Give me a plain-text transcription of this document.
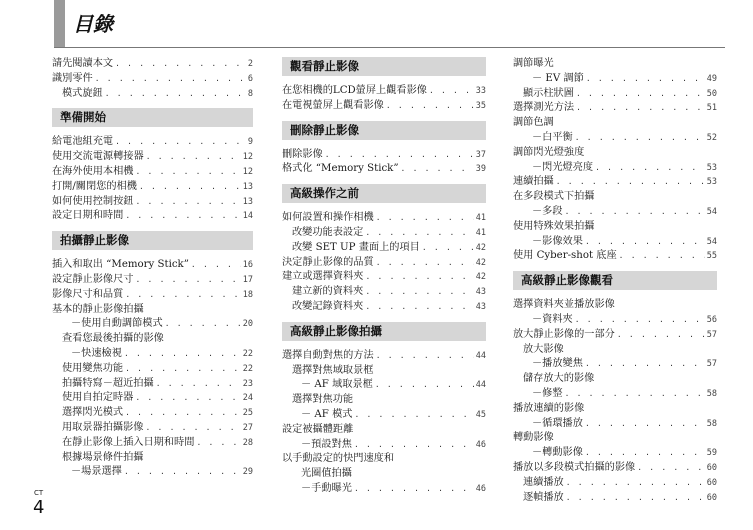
目錄
請先閱讀本文 . . .	2
識別零件 . . .	6
模式旋鈕 . . .	8
準備開始
給電池組充電 . . .	9
使用交流電源轉接器 . . .	12
在海外使用本相機 . . .	12
打開/關閉您的相機 . . .	13
如何使用控制按鈕 . . .	13
設定日期和時間 . . .	14
拍攝靜止影像
插入和取出 “Memory Stick” . . .	16
設定靜止影像尺寸 . . .	17
影像尺寸和品質 . . .	18
基本的靜止影像拍攝
－使用自動調節模式 . . .	20
查看您最後拍攝的影像
－快速檢視 . . .	22
使用變焦功能 . . .	22
拍攝特寫－超近拍攝 . . .	23
使用自拍定時器 . . .	24
選擇閃光模式 . . .	25
用取景器拍攝影像 . . .	27
在靜止影像上插入日期和時間 . . .	28
根據場景條件拍攝
－場景選擇 . . .	29
觀看靜止影像
在您相機的LCD螢屏上觀看影像 . . .	33
在電視螢屏上觀看影像 . . .	35
刪除靜止影像
刪除影像 . . .	37
格式化 “Memory Stick” . . .	39
高級操作之前
如何設置和操作相機 . . .	41
改變功能表設定 . . .	41
改變 SET UP 畫面上的項目 . . .	42
決定靜止影像的品質 . . .	42
建立或選擇資料夾 . . .	42
建立新的資料夾 . . .	43
改變記錄資料夾 . . .	43
高級靜止影像拍攝
選擇自動對焦的方法 . . .	44
選擇對焦域取景框
－ AF 域取景框 . . .	44
選擇對焦功能
－ AF 模式 . . .	45
設定被攝體距離
－預設對焦 . . .	46
以手動設定的快門速度和
光圈值拍攝
－手動曝光 . . .	46
調節曝光
－ EV 調節 . . .	49
顯示柱狀圖 . . .	50
選擇測光方法 . . .	51
調節色調
－白平衡 . . .	52
調節閃光燈強度
－閃光燈亮度 . . .	53
連續拍攝 . . .	53
在多段模式下拍攝
－多段 . . .	54
使用特殊效果拍攝
－影像效果 . . .	54
使用 Cyber-shot 底座 . . .	55
高級靜止影像觀看
選擇資料夾並播放影像
－資料夾 . . .	56
放大靜止影像的一部分 . . .	57
放大影像
－播放變焦 . . .	57
儲存放大的影像
－修整 . . .	58
播放連續的影像
－循環播放 . . .	58
轉動影像
－轉動影像 . . .	59
播放以多段模式拍攝的影像 . . .	60
連續播放 . . .	60
逐幀播放 . . .	60
CT
4
